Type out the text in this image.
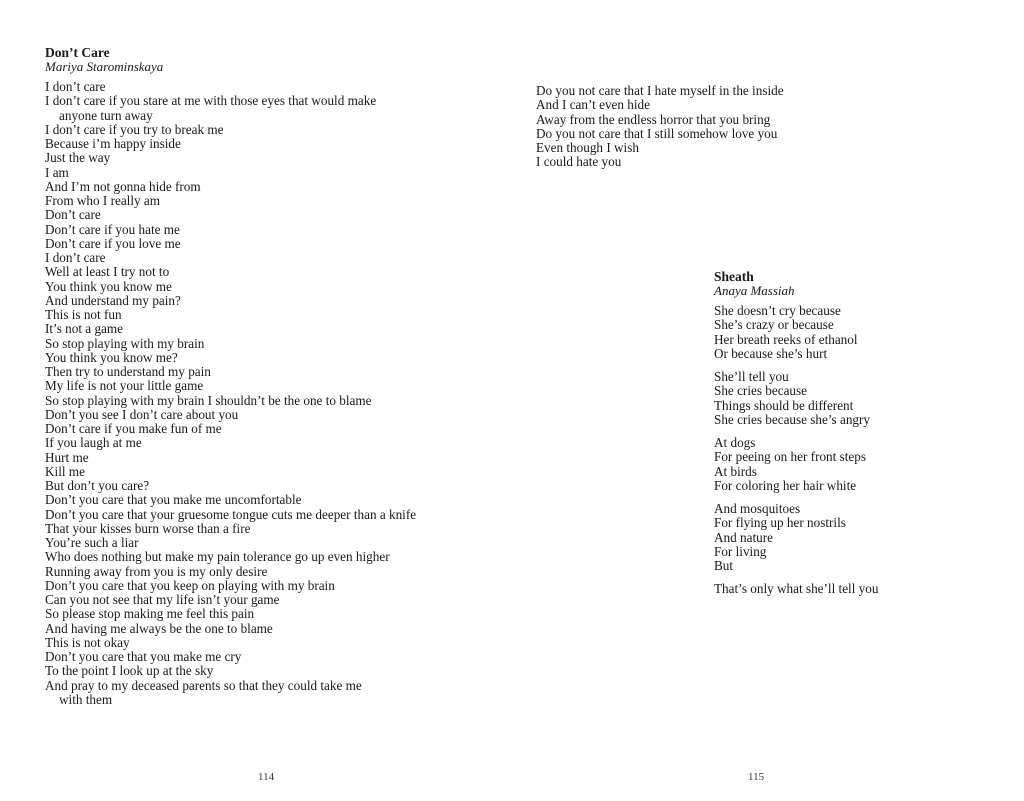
Don’t Care
Mariya Starominskaya
I don’t care
I don’t care if you stare at me with those eyes that would make
anyone turn away
I don’t care if you try to break me
Because i’m happy inside
Just the way
I am
And I’m not gonna hide from
From who I really am
Don’t care
Don’t care if you hate me
Don’t care if you love me
I don’t care
Well at least I try not to
You think you know me
And understand my pain?
This is not fun
It’s not a game
So stop playing with my brain
You think you know me?
Then try to understand my pain
My life is not your little game
So stop playing with my brain I shouldn’t be the one to blame
Don’t you see I don’t care about you
Don’t care if you make fun of me
If you laugh at me
Hurt me
Kill me
But don’t you care?
Don’t you care that you make me uncomfortable
Don’t you care that your gruesome tongue cuts me deeper than a knife
That your kisses burn worse than a fire
You’re such a liar
Who does nothing but make my pain tolerance go up even higher
Running away from you is my only desire
Don’t you care that you keep on playing with my brain
Can you not see that my life isn’t your game
So please stop making me feel this pain
And having me always be the one to blame
This is not okay
Don’t you care that you make me cry
To the point I look up at the sky
And pray to my deceased parents so that they could take me
with them
114
Do you not care that I hate myself in the inside
And I can’t even hide
Away from the endless horror that you bring
Do you not care that I still somehow love you
Even though I wish
I could hate you
Sheath
Anaya Massiah
She doesn’t cry because
She’s crazy or because
Her breath reeks of ethanol
Or because she’s hurt
She’ll tell you
She cries because
Things should be different
She cries because she’s angry
At dogs
For peeing on her front steps
At birds
For coloring her hair white
And mosquitoes
For flying up her nostrils
And nature
For living
But
That’s only what she’ll tell you
115
